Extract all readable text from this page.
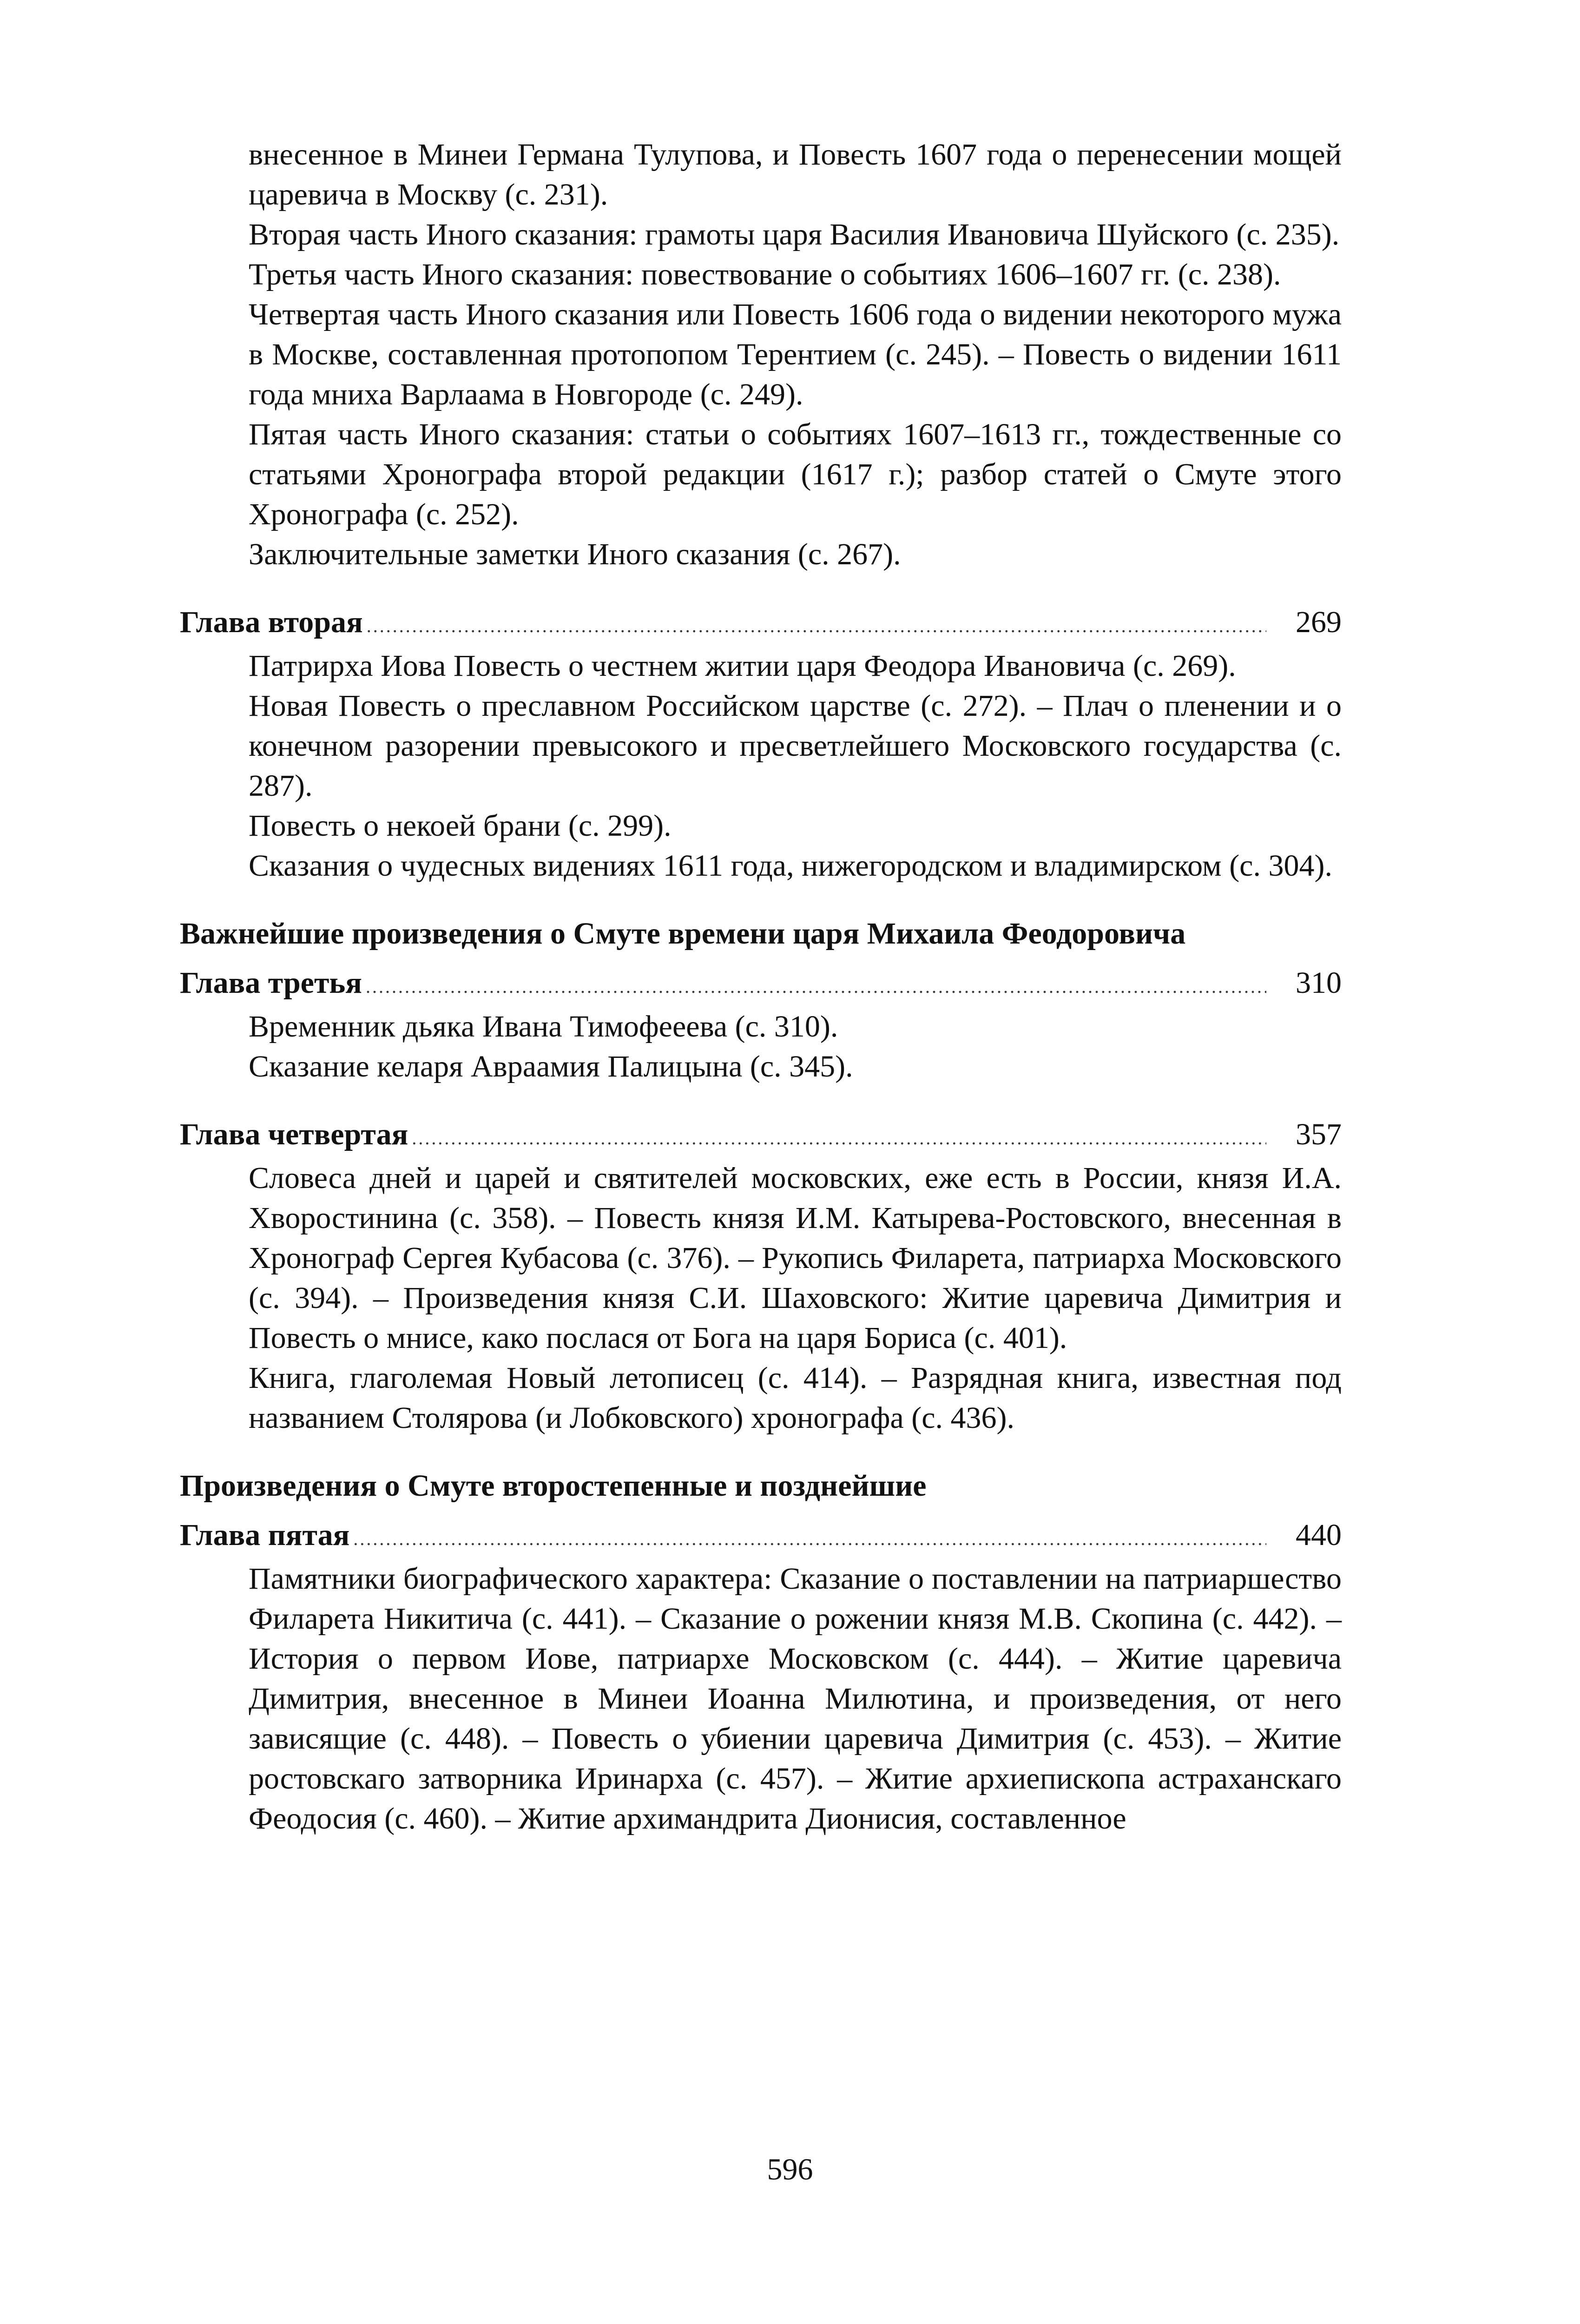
внесенное в Минеи Германа Тулупова, и Повесть 1607 года о перенесении мощей царевича в Москву (с. 231).

Вторая часть Иного сказания: грамоты царя Василия Ивановича Шуйского (с. 235).

Третья часть Иного сказания: повествование о событиях 1606–1607 гг. (с. 238).

Четвертая часть Иного сказания или Повесть 1606 года о видении некоторого мужа в Москве, составленная протопопом Терентием (с. 245). – Повесть о видении 1611 года мниха Варлаама в Новгороде (с. 249).

Пятая часть Иного сказания: статьи о событиях 1607–1613 гг., тождественные со статьями Хронографа второй редакции (1617 г.); разбор статей о Смуте этого Хронографа (с. 252).

Заключительные заметки Иного сказания (с. 267).

Глава вторая .....	269

Патрирха Иова Повесть о честнем житии царя Феодора Ивановича (с. 269).

Новая Повесть о преславном Российском царстве (с. 272). – Плач о пленении и о конечном разорении превысокого и пресветлейшего Московского государства (с. 287).

Повесть о некоей брани (с. 299).

Сказания о чудесных видениях 1611 года, нижегородском и владимирском (с. 304).

Важнейшие произведения о Смуте времени царя Михаила Феодоровича

Глава третья .....	310

Временник дьяка Ивана Тимофееева (с. 310).

Сказание келаря Авраамия Палицына (с. 345).

Глава четвертая .....	357

Словеса дней и царей и святителей московских, еже есть в России, князя И.А. Хворостинина (с. 358). – Повесть князя И.М. Катырева-Ростовского, внесенная в Хронограф Сергея Кубасова (с. 376). – Рукопись Филарета, патриарха Московского (с. 394). – Произведения князя С.И. Шаховского: Житие царевича Димитрия и Повесть о мнисе, како послася от Бога на царя Бориса (с. 401).

Книга, глаголемая Новый летописец (с. 414). – Разрядная книга, известная под названием Столярова (и Лобковского) хронографа (с. 436).

Произведения о Смуте второстепенные и позднейшие

Глава пятая .....	440

Памятники биографического характера: Сказание о поставлении на патриаршество Филарета Никитича (с. 441). – Сказание о рожении князя М.В. Скопина (с. 442). – История о первом Иове, патриархе Московском (с. 444). – Житие царевича Димитрия, внесенное в Минеи Иоанна Милютина, и произведения, от него зависящие (с. 448). – Повесть о убиении царевича Димитрия (с. 453). – Житие ростовскаго затворника Иринарха (с. 457). – Житие архиепископа астраханскаго Феодосия (с. 460). – Житие архимандрита Дионисия, составленное

596
